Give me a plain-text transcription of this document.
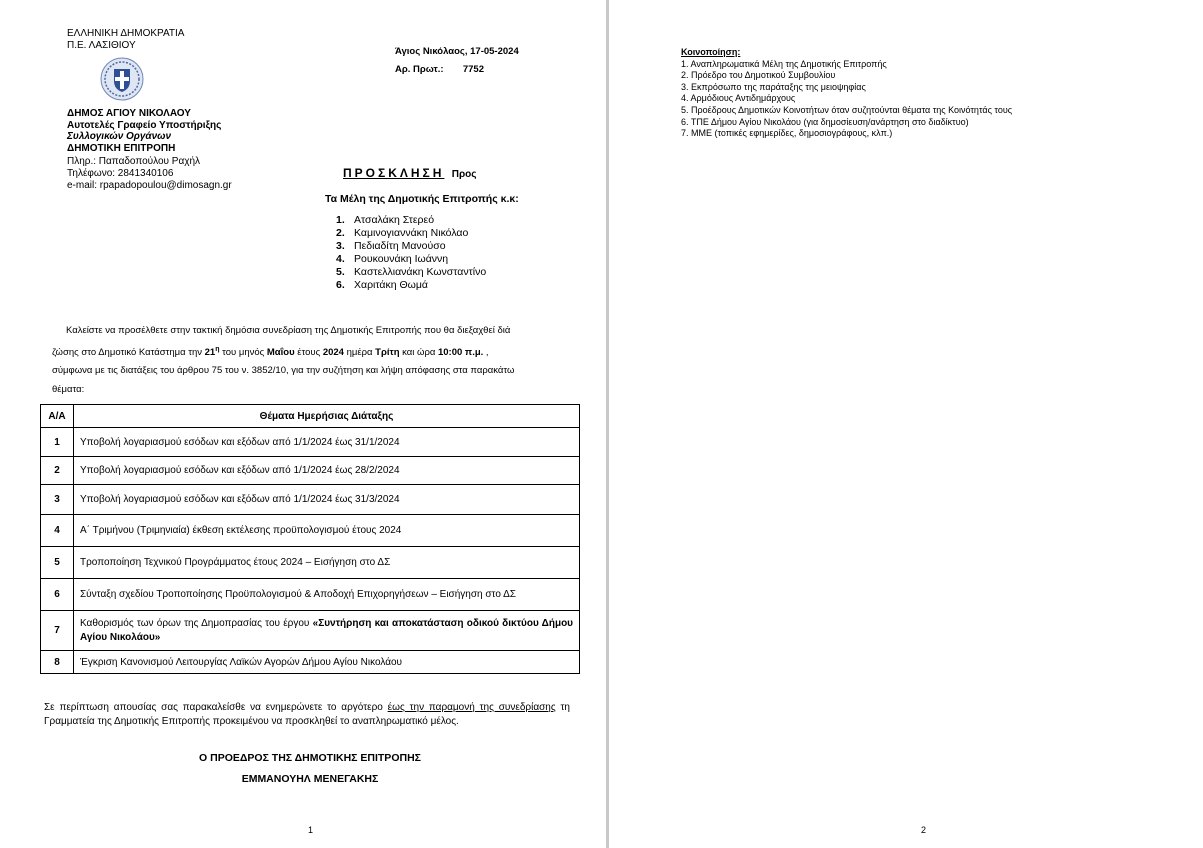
ΕΛΛΗΝΙΚΗ ΔΗΜΟΚΡΑΤΙΑ
Π.Ε. ΛΑΣΙΘΙΟΥ
ΔΗΜΟΣ ΑΓΙΟΥ ΝΙΚΟΛΑΟΥ
Αυτοτελές Γραφείο Υποστήριξης
Συλλογικών Οργάνων
ΔΗΜΟΤΙΚΗ ΕΠΙΤΡΟΠΗ
Πληρ.: Παπαδοπούλου Ραχήλ
Τηλέφωνο: 2841340106
e-mail: rpapadopoulou@dimosagn.gr
Άγιος Νικόλαος, 17-05-2024
Αρ. Πρωτ.: 7752
ΠΡΟΣΚΛΗΣΗ Προς
Τα Μέλη της Δημοτικής Επιτροπής κ.κ:
1. Ατσαλάκη Στερεό
2. Καμινογιαννάκη Νικόλαο
3. Πεδιαδίτη Μανούσο
4. Ρουκουνάκη Ιωάννη
5. Καστελλιανάκη Κωνσταντίνο
6. Χαριτάκη Θωμά
Καλείστε να προσέλθετε στην τακτική δημόσια συνεδρίαση της Δημοτικής Επιτροπής που θα διεξαχθεί διά
ζώσης στο Δημοτικό Κατάστημα την $21^\eta$ του μηνός Μαΐου έτους 2024 ημέρα Τρίτη και ώρα 10:00 π.μ. ,
σύμφωνα με τις διατάξεις του άρθρου 75 του ν. 3852/10, για την συζήτηση και λήψη απόφασης στα παρακάτω
θέματα:
Α/Α	Θέματα Ημερήσιας Διάταξης
1	Υποβολή λογαριασμού εσόδων και εξόδων από 1/1/2024 έως 31/1/2024
2	Υποβολή λογαριασμού εσόδων και εξόδων από 1/1/2024 έως 28/2/2024
3	Υποβολή λογαριασμού εσόδων και εξόδων από 1/1/2024 έως 31/3/2024
4	Α΄ Τριμήνου (Τριμηνιαία) έκθεση εκτέλεσης προϋπολογισμού έτους 2024
5	Τροποποίηση Τεχνικού Προγράμματος έτους 2024 – Εισήγηση στο ΔΣ
6	Σύνταξη σχεδίου Τροποποίησης Προϋπολογισμού & Αποδοχή Επιχορηγήσεων – Εισήγηση στο ΔΣ
7	Καθορισμός των όρων της Δημοπρασίας του έργου «Συντήρηση και αποκατάσταση οδικού δικτύου Δήμου Αγίου Νικολάου»
8	Έγκριση Κανονισμού Λειτουργίας Λαϊκών Αγορών Δήμου Αγίου Νικολάου
Σε περίπτωση απουσίας σας παρακαλείσθε να ενημερώνετε το αργότερο έως την παραμονή της συνεδρίασης τη Γραμματεία της Δημοτικής Επιτροπής προκειμένου να προσκληθεί το αναπληρωματικό μέλος.
Ο ΠΡΟΕΔΡΟΣ ΤΗΣ ΔΗΜΟΤΙΚΗΣ ΕΠΙΤΡΟΠΗΣ
ΕΜΜΑΝΟΥΗΛ ΜΕΝΕΓΑΚΗΣ
1
Κοινοποίηση:
1. Αναπληρωματικά Μέλη της Δημοτικής Επιτροπής
2. Πρόεδρο του Δημοτικού Συμβουλίου
3. Εκπρόσωπο της παράταξης της μειοψηφίας
4. Αρμόδιους Αντιδημάρχους
5. Προέδρους Δημοτικών Κοινοτήτων όταν συζητούνται θέματα της Κοινότητάς τους
6. ΤΠΕ Δήμου Αγίου Νικολάου (για δημοσίευση/ανάρτηση στο διαδίκτυο)
7. ΜΜΕ (τοπικές εφημερίδες, δημοσιογράφους, κλπ.)
2
